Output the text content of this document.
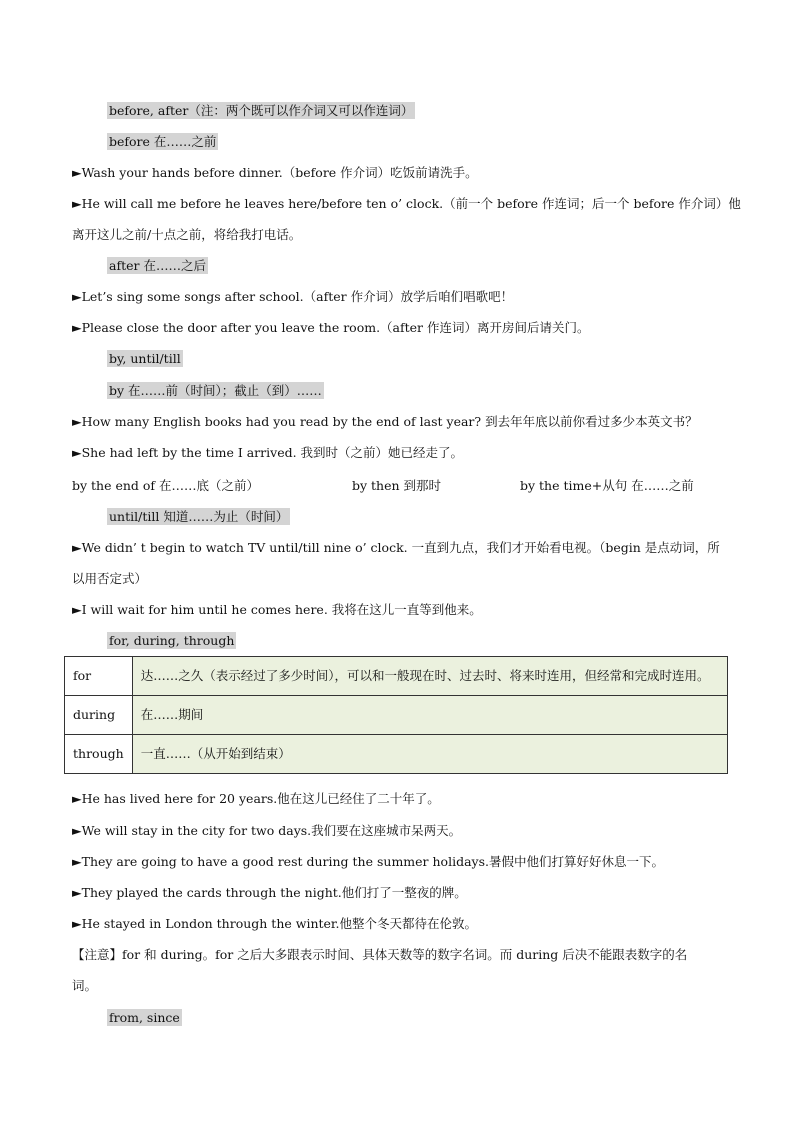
before, after（注：两个既可以作介词又可以作连词）
before 在……之前
►Wash your hands before dinner.（before 作介词）吃饭前请洗手。
►He will call me before he leaves here/before ten o’ clock.（前一个 before 作连词；后一个 before 作介词）他
离开这儿之前/十点之前，将给我打电话。
after 在……之后
►Let’s sing some songs after school.（after 作介词）放学后咱们唱歌吧！
►Please close the door after you leave the room.（after 作连词）离开房间后请关门。
by, until/till
by 在……前（时间）；截止（到）……
►How many English books had you read by the end of last year? 到去年年底以前你看过多少本英文书？
►She had left by the time I arrived. 我到时（之前）她已经走了。
by the end of 在……底（之前）	by then 到那时	by the time+从句 在……之前
until/till 知道……为止（时间）
►We didn’ t begin to watch TV until/till nine o’ clock. 一直到九点，我们才开始看电视。（begin 是点动词，所
以用否定式）
►I will wait for him until he comes here. 我将在这儿一直等到他来。
for, during, through
for	达……之久（表示经过了多少时间），可以和一般现在时、过去时、将来时连用，但经常和完成时连用。
during	在……期间
through	一直……（从开始到结束）
►He has lived here for 20 years.他在这儿已经住了二十年了。
►We will stay in the city for two days.我们要在这座城市呆两天。
►They are going to have a good rest during the summer holidays.暑假中他们打算好好休息一下。
►They played the cards through the night.他们打了一整夜的牌。
►He stayed in London through the winter.他整个冬天都待在伦敦。
【注意】for 和 during。for 之后大多跟表示时间、具体天数等的数字名词。而 during 后决不能跟表数字的名
词。
from, since
